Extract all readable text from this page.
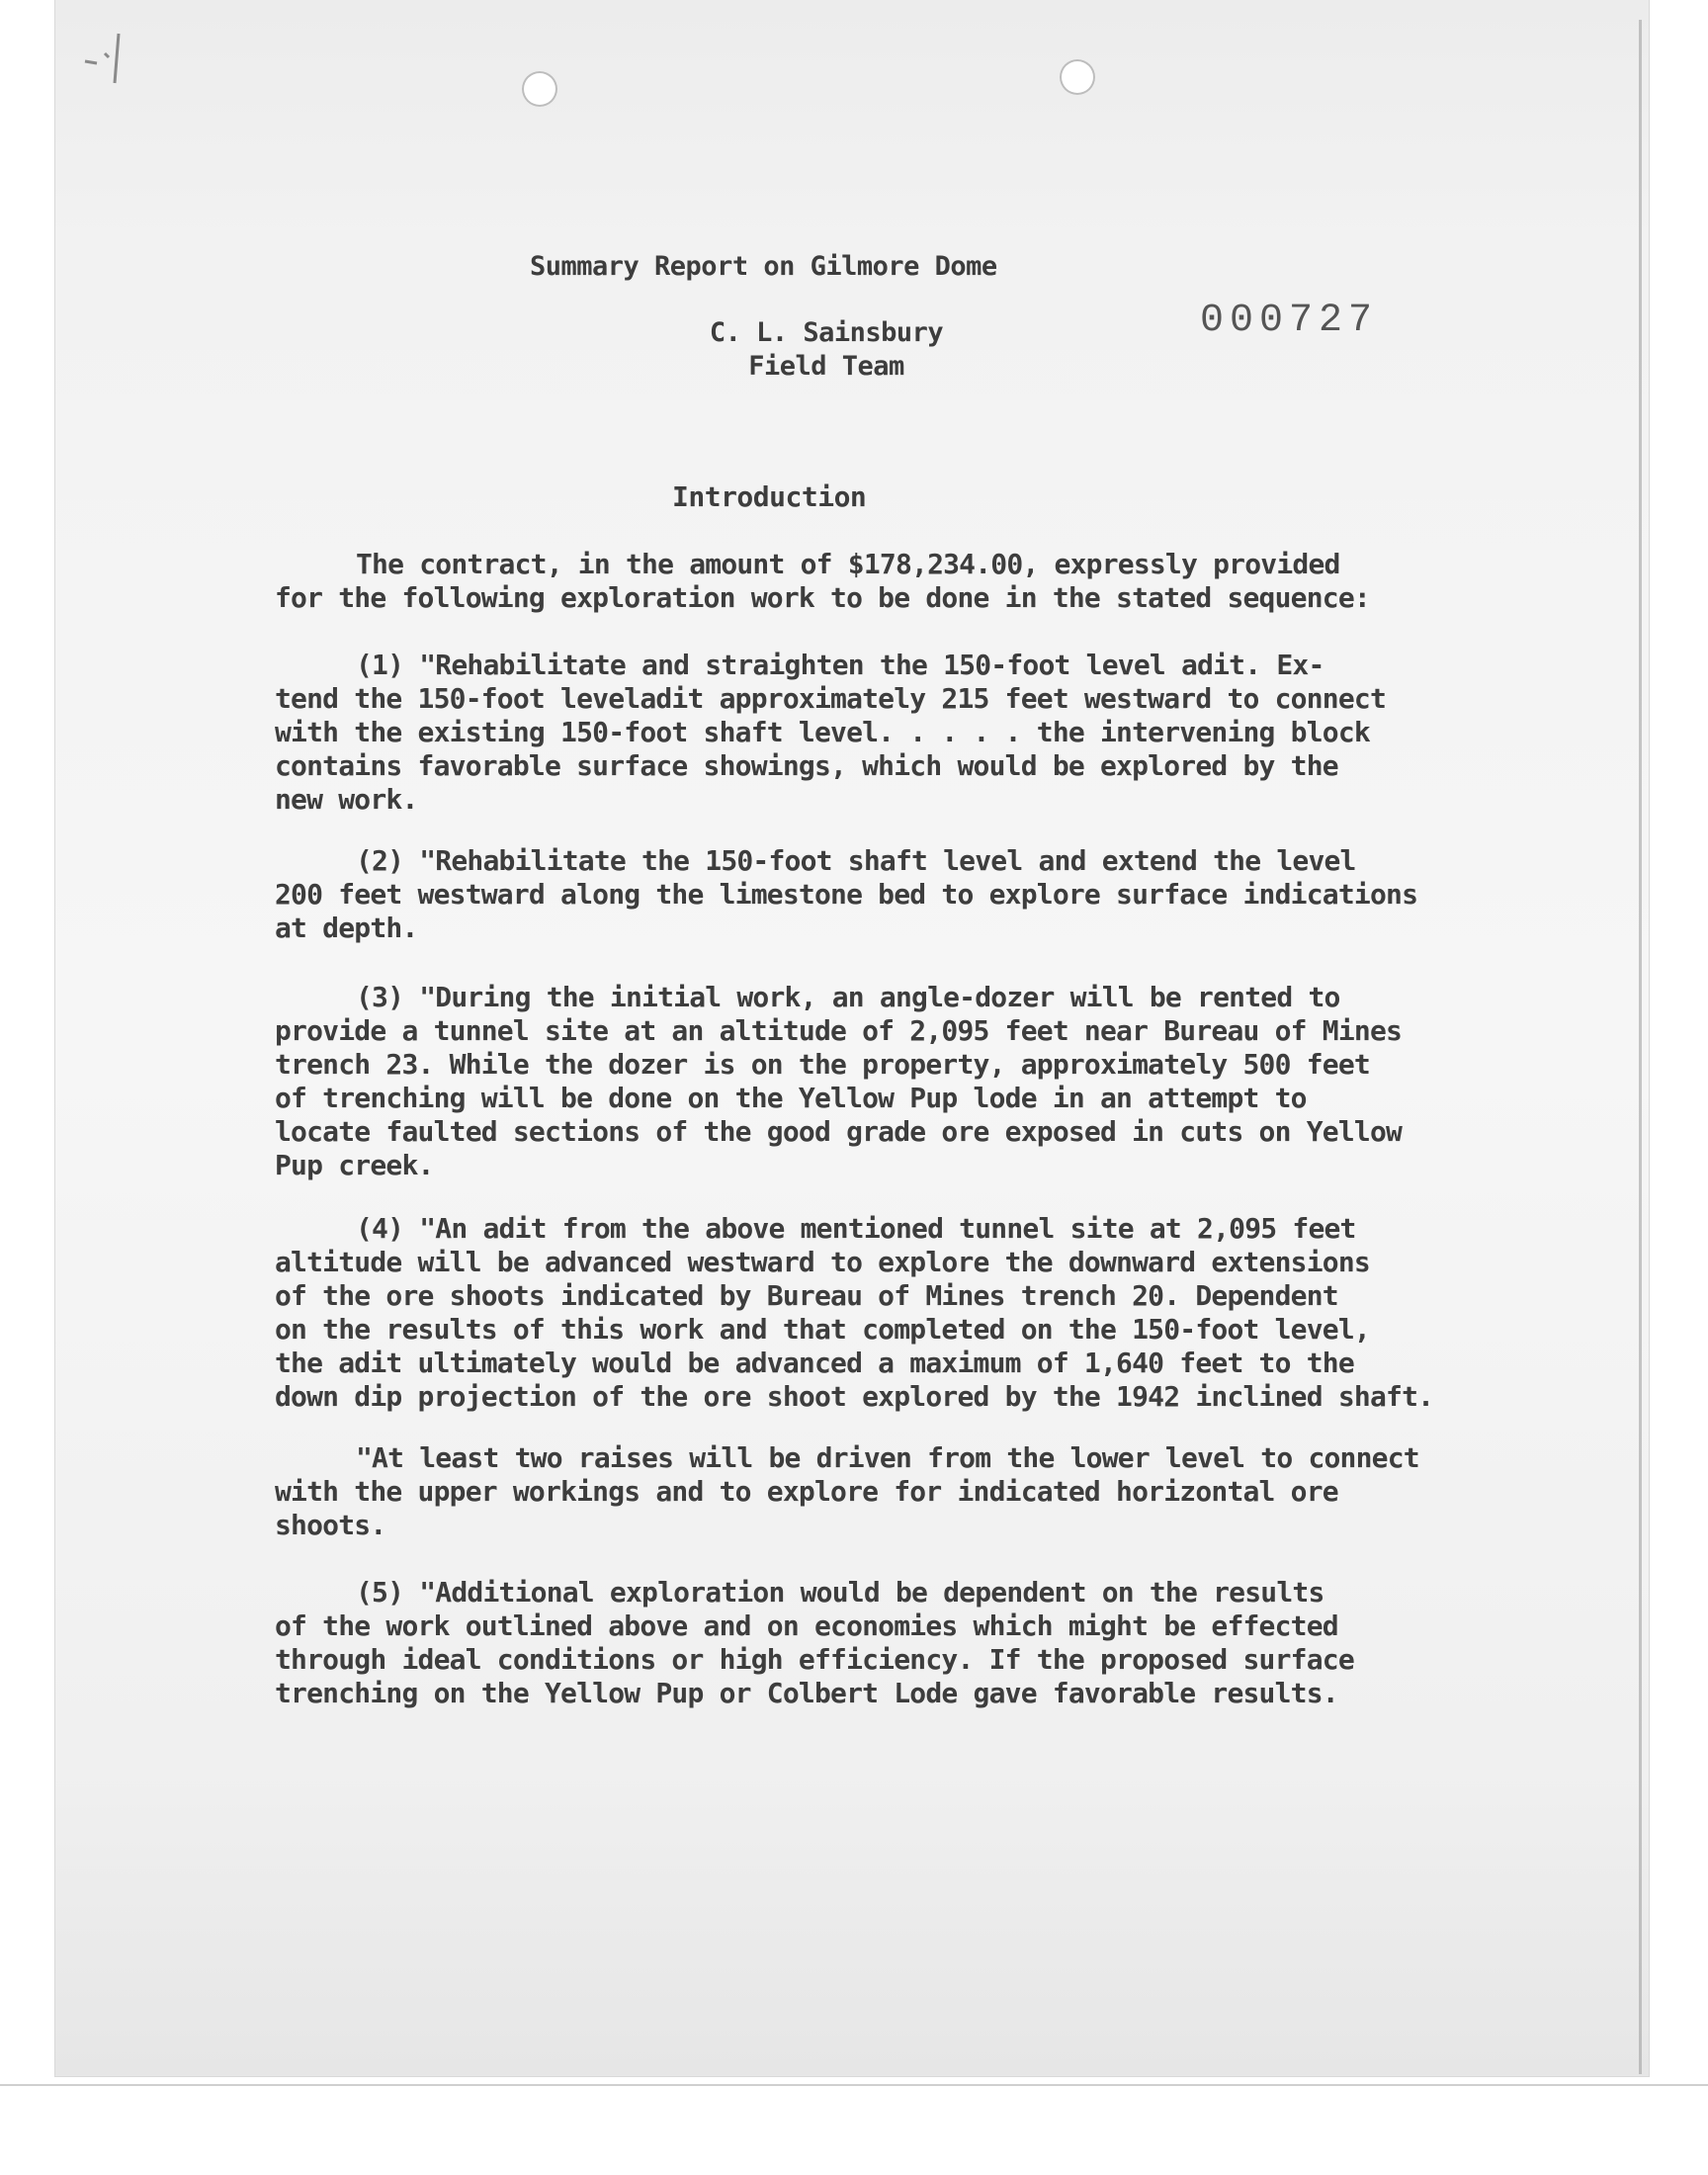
Summary Report on Gilmore Dome
C. L. Sainsbury
Field Team
000727
Introduction
The contract, in the amount of $178,234.00, expressly provided
for the following exploration work to be done in the stated sequence:
(1) "Rehabilitate and straighten the 150-foot level adit. Ex-
tend the 150-foot leveladit approximately 215 feet westward to connect
with the existing 150-foot shaft level. . . . . the intervening block
contains favorable surface showings, which would be explored by the
new work.
(2) "Rehabilitate the 150-foot shaft level and extend the level
200 feet westward along the limestone bed to explore surface indications
at depth.
(3) "During the initial work, an angle-dozer will be rented to
provide a tunnel site at an altitude of 2,095 feet near Bureau of Mines
trench 23. While the dozer is on the property, approximately 500 feet
of trenching will be done on the Yellow Pup lode in an attempt to
locate faulted sections of the good grade ore exposed in cuts on Yellow
Pup creek.
(4) "An adit from the above mentioned tunnel site at 2,095 feet
altitude will be advanced westward to explore the downward extensions
of the ore shoots indicated by Bureau of Mines trench 20. Dependent
on the results of this work and that completed on the 150-foot level,
the adit ultimately would be advanced a maximum of 1,640 feet to the
down dip projection of the ore shoot explored by the 1942 inclined shaft.
"At least two raises will be driven from the lower level to connect
with the upper workings and to explore for indicated horizontal ore
shoots.
(5) "Additional exploration would be dependent on the results
of the work outlined above and on economies which might be effected
through ideal conditions or high efficiency. If the proposed surface
trenching on the Yellow Pup or Colbert Lode gave favorable results.
